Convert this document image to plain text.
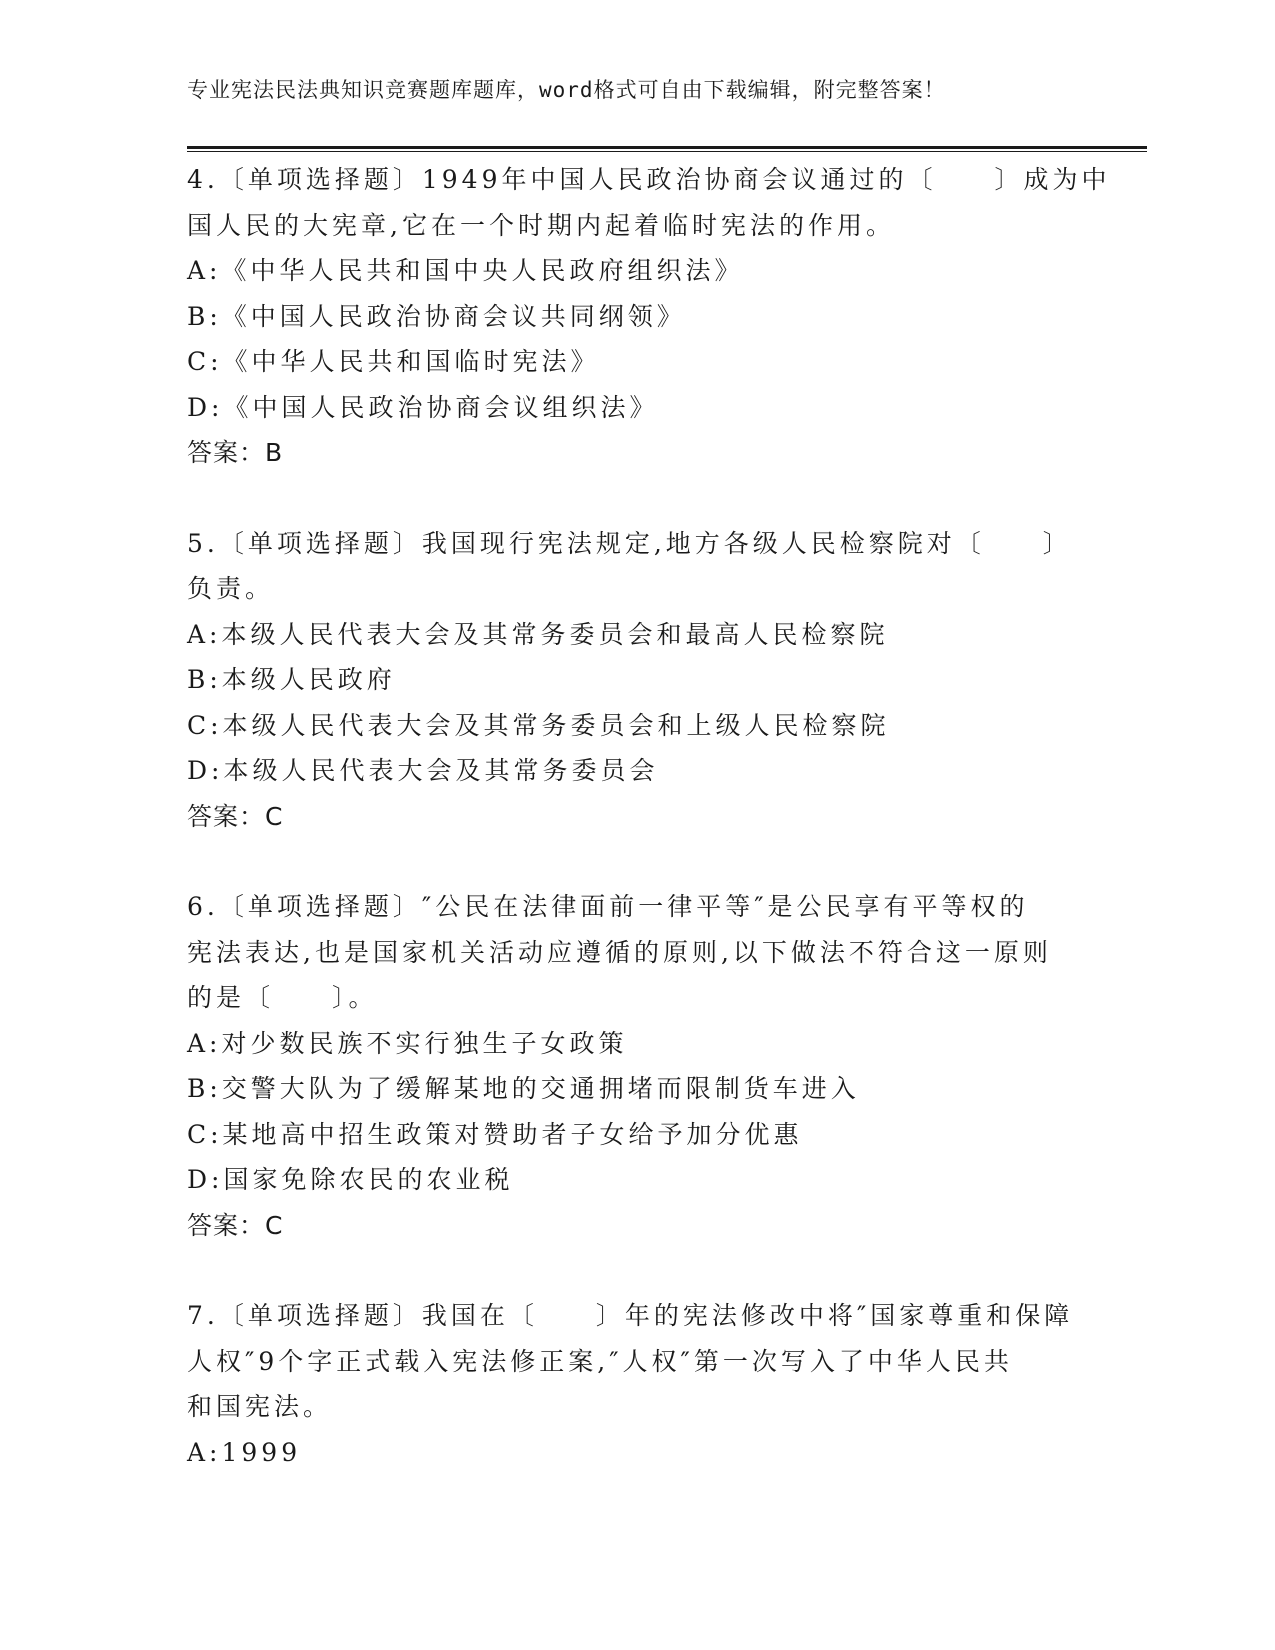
专业宪法民法典知识竞赛题库题库，word格式可自由下载编辑，附完整答案！
4.〔单项选择题〕1949年中国人民政治协商会议通过的〔　　〕成为中
国人民的大宪章,它在一个时期内起着临时宪法的作用。
A:《中华人民共和国中央人民政府组织法》
B:《中国人民政治协商会议共同纲领》
C:《中华人民共和国临时宪法》
D:《中国人民政治协商会议组织法》
答案：B
5.〔单项选择题〕我国现行宪法规定,地方各级人民检察院对〔　　〕
负责。
A:本级人民代表大会及其常务委员会和最高人民检察院
B:本级人民政府
C:本级人民代表大会及其常务委员会和上级人民检察院
D:本级人民代表大会及其常务委员会
答案：C
6.〔单项选择题〕″公民在法律面前一律平等″是公民享有平等权的
宪法表达,也是国家机关活动应遵循的原则,以下做法不符合这一原则
的是〔　　〕。
A:对少数民族不实行独生子女政策
B:交警大队为了缓解某地的交通拥堵而限制货车进入
C:某地高中招生政策对赞助者子女给予加分优惠
D:国家免除农民的农业税
答案：C
7.〔单项选择题〕我国在〔　　〕年的宪法修改中将″国家尊重和保障
人权″9个字正式载入宪法修正案,″人权″第一次写入了中华人民共
和国宪法。
A:1999
